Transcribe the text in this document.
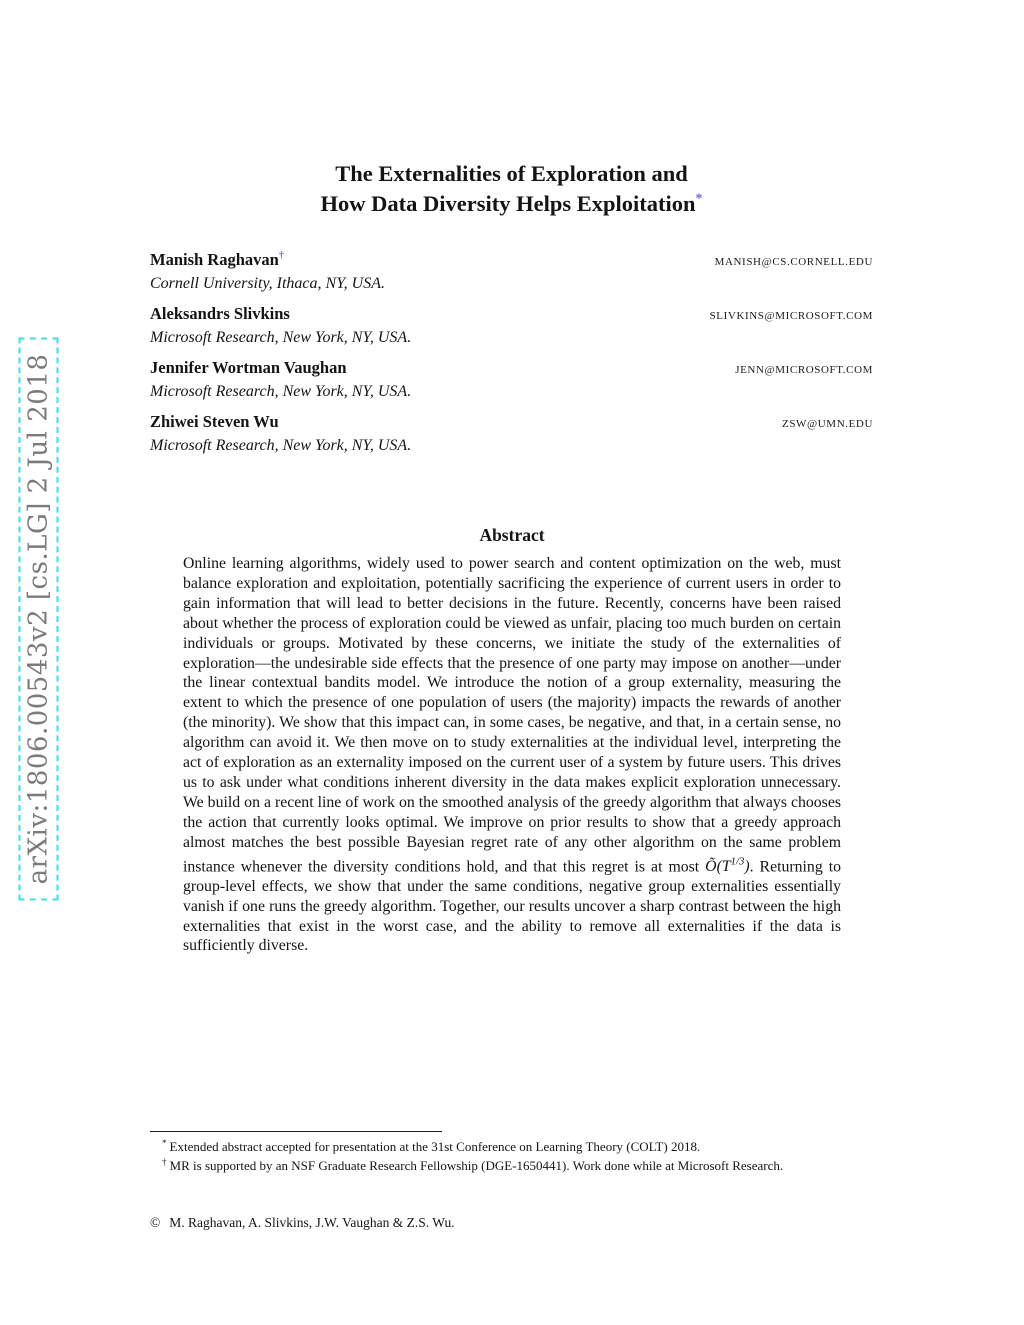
arXiv:1806.00543v2 [cs.LG] 2 Jul 2018
The Externalities of Exploration and
How Data Diversity Helps Exploitation*
Manish Raghavan†	MANISH@CS.CORNELL.EDU
Cornell University, Ithaca, NY, USA.
Aleksandrs Slivkins	SLIVKINS@MICROSOFT.COM
Microsoft Research, New York, NY, USA.
Jennifer Wortman Vaughan	JENN@MICROSOFT.COM
Microsoft Research, New York, NY, USA.
Zhiwei Steven Wu	ZSW@UMN.EDU
Microsoft Research, New York, NY, USA.
Abstract
Online learning algorithms, widely used to power search and content optimization on the web, must balance exploration and exploitation, potentially sacrificing the experience of current users in order to gain information that will lead to better decisions in the future. Recently, concerns have been raised about whether the process of exploration could be viewed as unfair, placing too much burden on certain individuals or groups. Motivated by these concerns, we initiate the study of the externalities of exploration—the undesirable side effects that the presence of one party may impose on another—under the linear contextual bandits model. We introduce the notion of a group externality, measuring the extent to which the presence of one population of users (the majority) impacts the rewards of another (the minority). We show that this impact can, in some cases, be negative, and that, in a certain sense, no algorithm can avoid it. We then move on to study externalities at the individual level, interpreting the act of exploration as an externality imposed on the current user of a system by future users. This drives us to ask under what conditions inherent diversity in the data makes explicit exploration unnecessary. We build on a recent line of work on the smoothed analysis of the greedy algorithm that always chooses the action that currently looks optimal. We improve on prior results to show that a greedy approach almost matches the best possible Bayesian regret rate of any other algorithm on the same problem instance whenever the diversity conditions hold, and that this regret is at most $Õ(T^{1/3})$. Returning to group-level effects, we show that under the same conditions, negative group externalities essentially vanish if one runs the greedy algorithm. Together, our results uncover a sharp contrast between the high externalities that exist in the worst case, and the ability to remove all externalities if the data is sufficiently diverse.
* Extended abstract accepted for presentation at the 31st Conference on Learning Theory (COLT) 2018.
† MR is supported by an NSF Graduate Research Fellowship (DGE-1650441). Work done while at Microsoft Research.
© M. Raghavan, A. Slivkins, J.W. Vaughan & Z.S. Wu.
